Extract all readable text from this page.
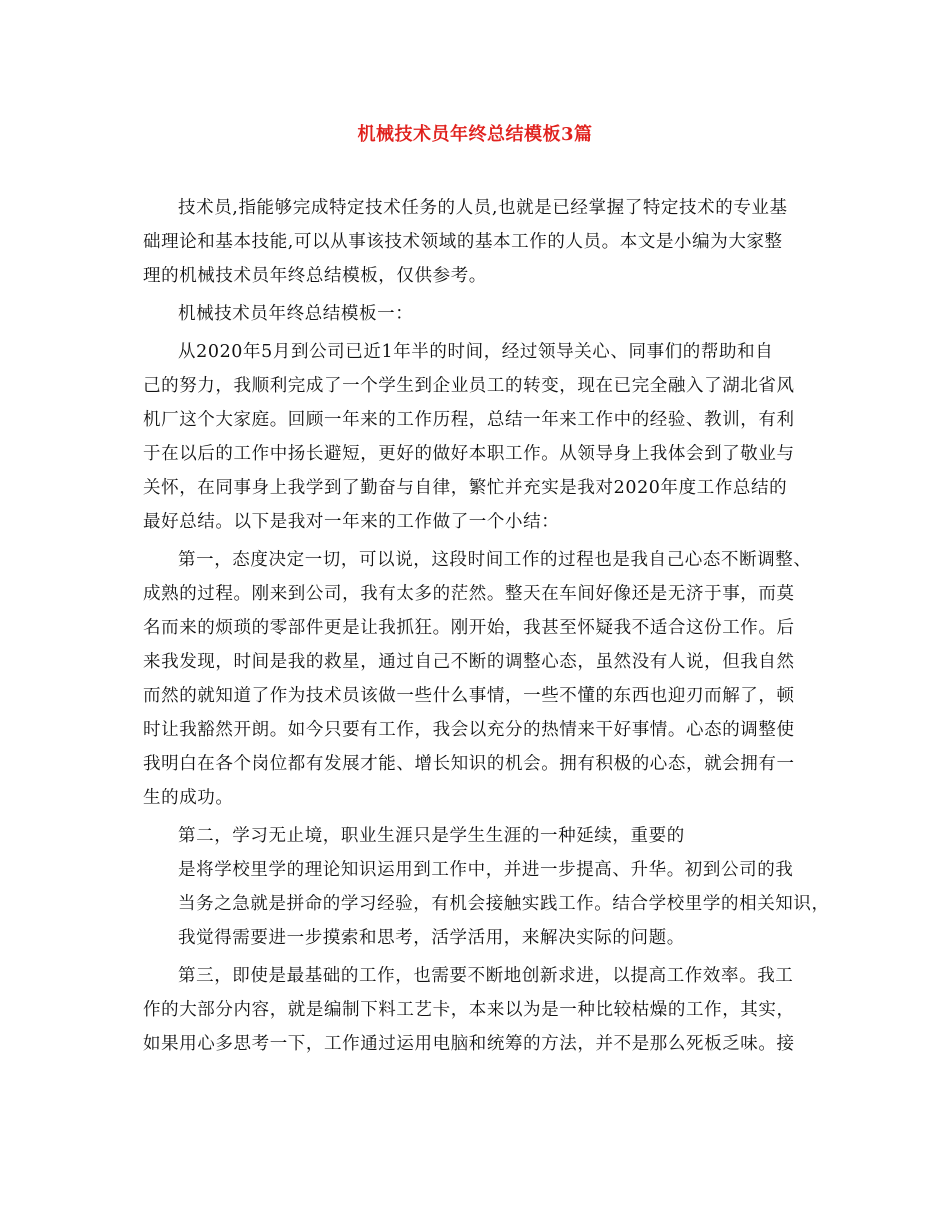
机械技术员年终总结模板3篇
技术员,指能够完成特定技术任务的人员,也就是已经掌握了特定技术的专业基
础理论和基本技能,可以从事该技术领域的基本工作的人员。本文是小编为大家整
理的机械技术员年终总结模板，仅供参考。
机械技术员年终总结模板一：
从2020年5月到公司已近1年半的时间，经过领导关心、同事们的帮助和自
己的努力，我顺利完成了一个学生到企业员工的转变，现在已完全融入了湖北省风
机厂这个大家庭。回顾一年来的工作历程，总结一年来工作中的经验、教训，有利
于在以后的工作中扬长避短，更好的做好本职工作。从领导身上我体会到了敬业与
关怀，在同事身上我学到了勤奋与自律，繁忙并充实是我对2020年度工作总结的
最好总结。以下是我对一年来的工作做了一个小结：
第一，态度决定一切，可以说，这段时间工作的过程也是我自己心态不断调整、
成熟的过程。刚来到公司，我有太多的茫然。整天在车间好像还是无济于事，而莫
名而来的烦琐的零部件更是让我抓狂。刚开始，我甚至怀疑我不适合这份工作。后
来我发现，时间是我的救星，通过自己不断的调整心态，虽然没有人说，但我自然
而然的就知道了作为技术员该做一些什么事情，一些不懂的东西也迎刃而解了，顿
时让我豁然开朗。如今只要有工作，我会以充分的热情来干好事情。心态的调整使
我明白在各个岗位都有发展才能、增长知识的机会。拥有积极的心态，就会拥有一
生的成功。
第二，学习无止境，职业生涯只是学生生涯的一种延续，重要的
是将学校里学的理论知识运用到工作中，并进一步提高、升华。初到公司的我
当务之急就是拼命的学习经验，有机会接触实践工作。结合学校里学的相关知识，
我觉得需要进一步摸索和思考，活学活用，来解决实际的问题。
第三，即使是最基础的工作，也需要不断地创新求进，以提高工作效率。我工
作的大部分内容，就是编制下料工艺卡，本来以为是一种比较枯燥的工作，其实，
如果用心多思考一下，工作通过运用电脑和统筹的方法，并不是那么死板乏味。接
